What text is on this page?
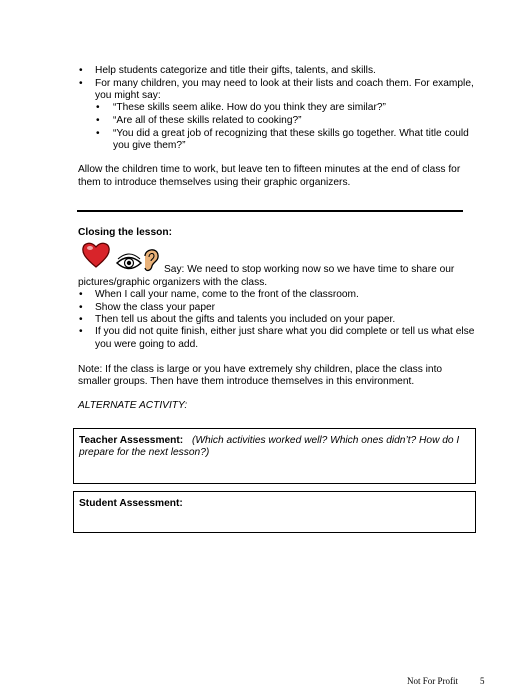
• Help students categorize and title their gifts, talents, and skills.
• For many children, you may need to look at their lists and coach them. For example,
you might say:
• “These skills seem alike. How do you think they are similar?”
• “Are all of these skills related to cooking?”
• “You did a great job of recognizing that these skills go together. What title could
you give them?”
Allow the children time to work, but leave ten to fifteen minutes at the end of class for
them to introduce themselves using their graphic organizers.
Closing the lesson:
Say: We need to stop working now so we have time to share our
pictures/graphic organizers with the class.
• When I call your name, come to the front of the classroom.
• Show the class your paper
• Then tell us about the gifts and talents you included on your paper.
• If you did not quite finish, either just share what you did complete or tell us what else
you were going to add.
Note: If the class is large or you have extremely shy children, place the class into
smaller groups. Then have them introduce themselves in this environment.
ALTERNATE ACTIVITY:
Teacher Assessment: (Which activities worked well? Which ones didn’t? How do I
prepare for the next lesson?)
Student Assessment:
Not For Profit 5
